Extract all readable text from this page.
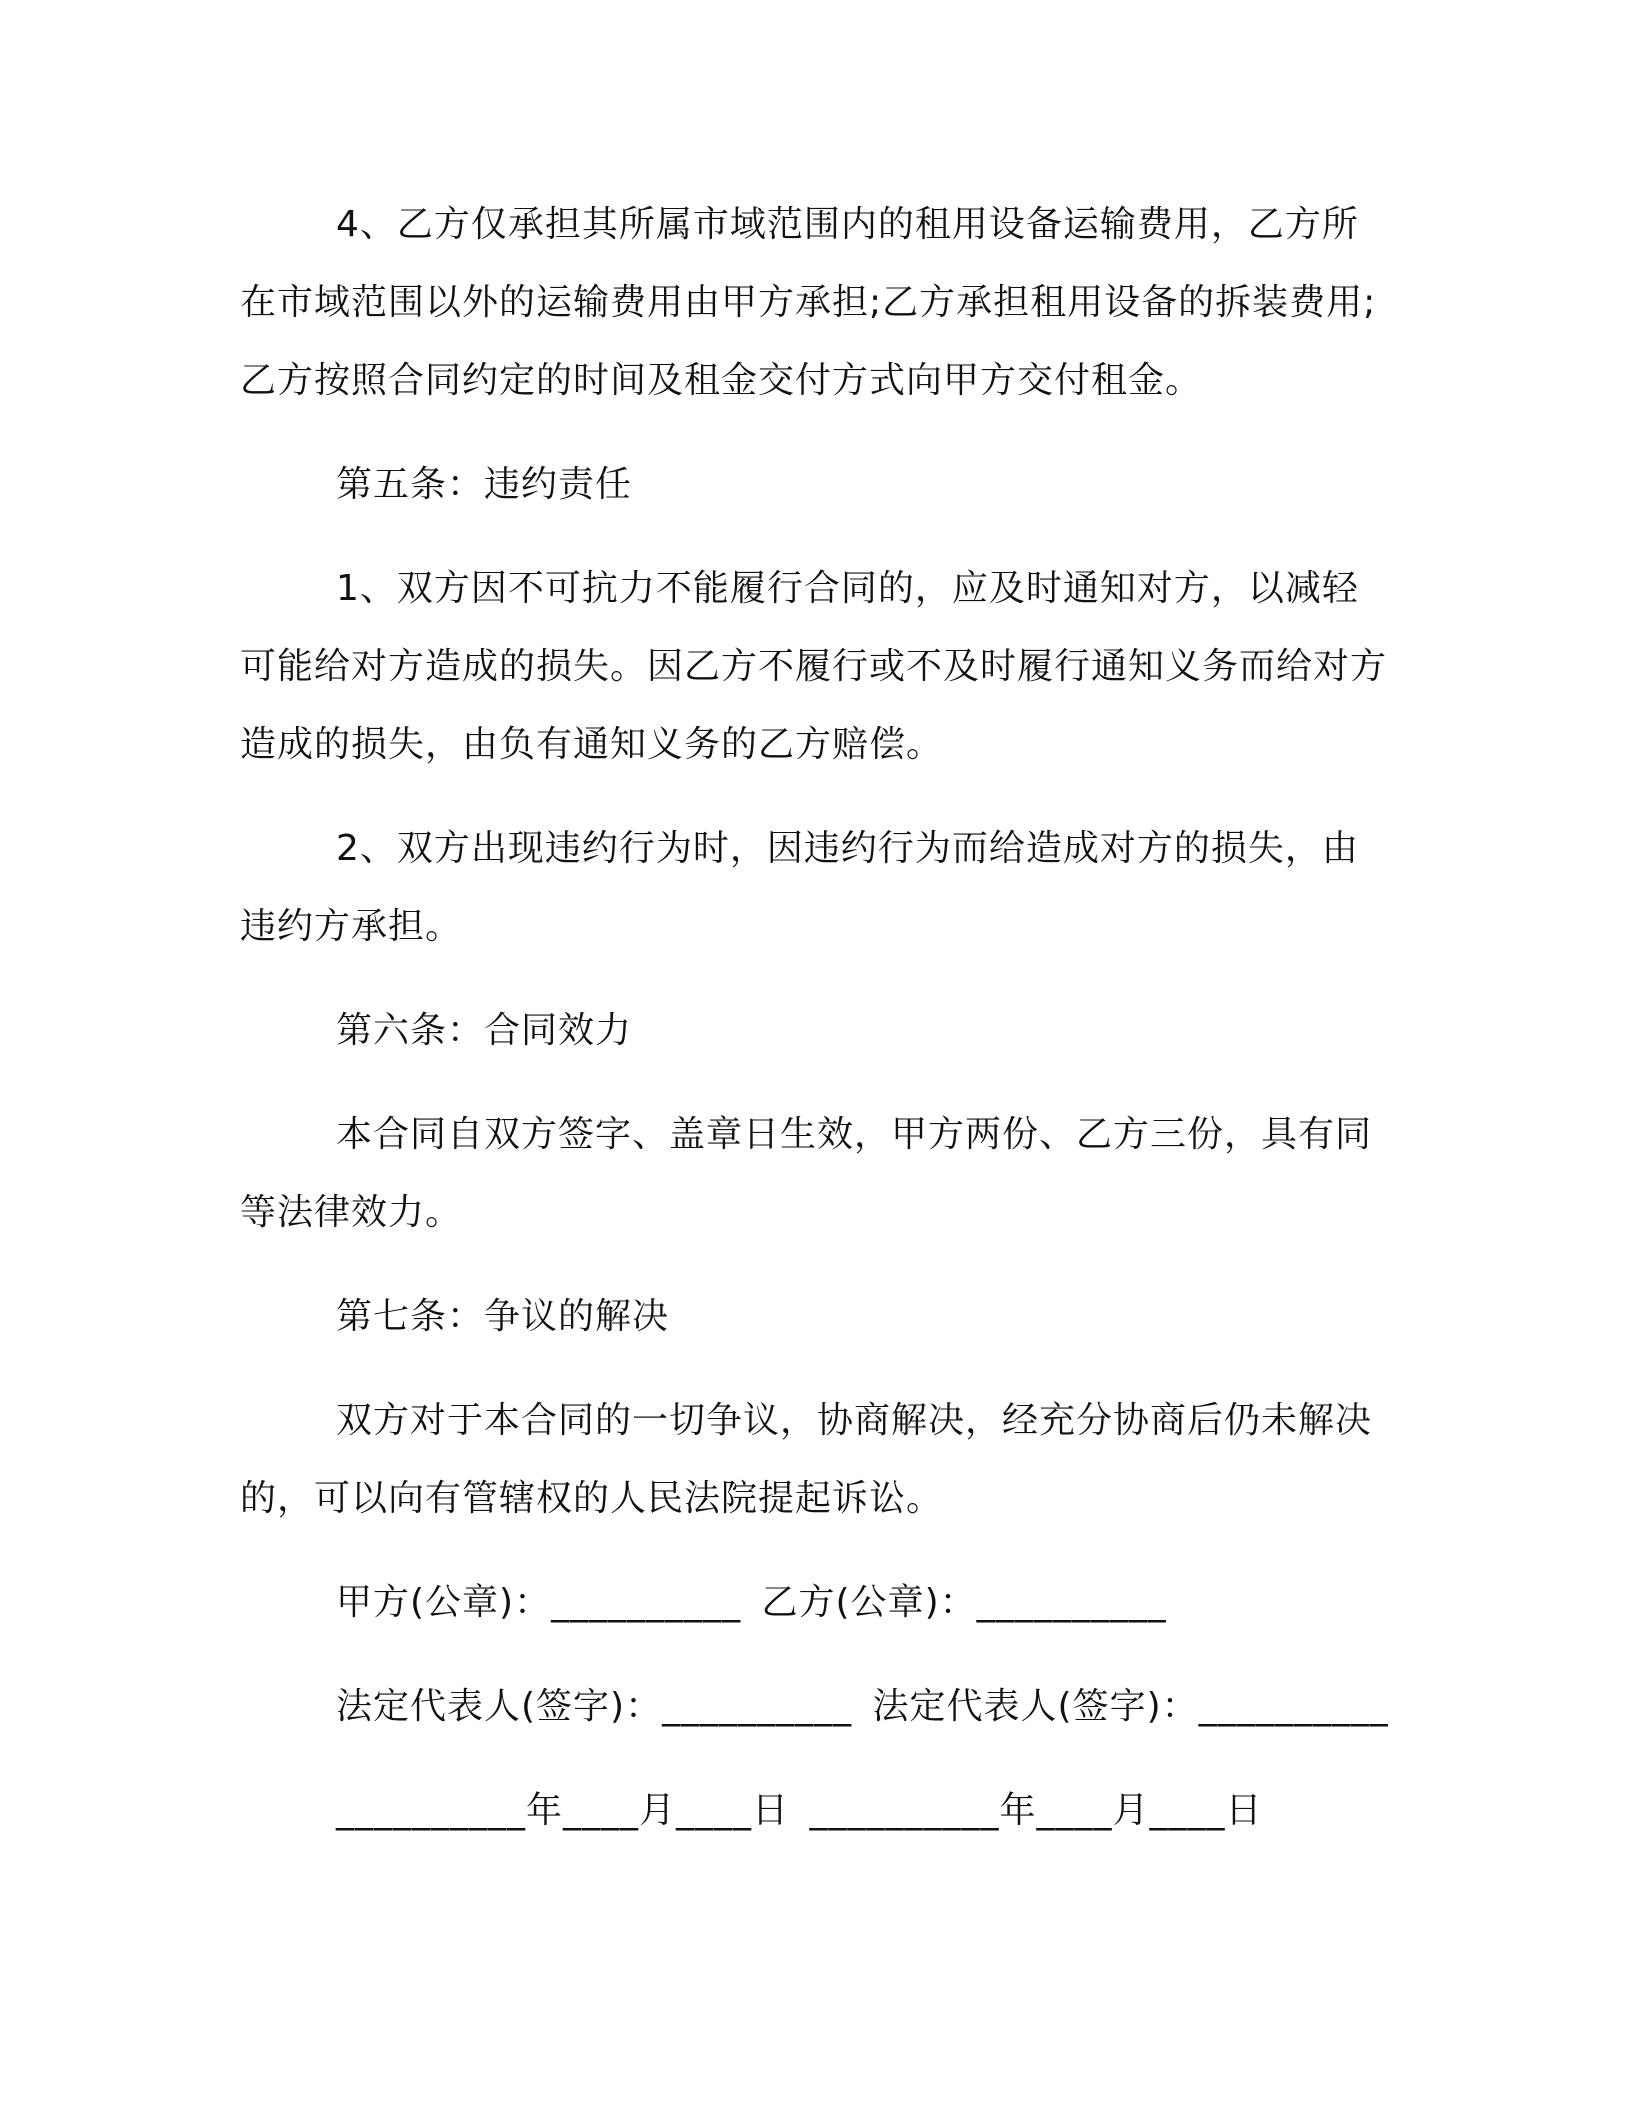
4、乙方仅承担其所属市域范围内的租用设备运输费用，乙方所在市域范围以外的运输费用由甲方承担;乙方承担租用设备的拆装费用;乙方按照合同约定的时间及租金交付方式向甲方交付租金。

第五条：违约责任

1、双方因不可抗力不能履行合同的，应及时通知对方，以减轻可能给对方造成的损失。因乙方不履行或不及时履行通知义务而给对方造成的损失，由负有通知义务的乙方赔偿。

2、双方出现违约行为时，因违约行为而给造成对方的损失，由违约方承担。

第六条：合同效力

本合同自双方签字、盖章日生效，甲方两份、乙方三份，具有同等法律效力。

第七条：争议的解决

双方对于本合同的一切争议，协商解决，经充分协商后仍未解决的，可以向有管辖权的人民法院提起诉讼。

甲方(公章)：__________ 乙方(公章)：__________
法定代表人(签字)：__________ 法定代表人(签字)：__________
__________年____月____日 __________年____月____日
